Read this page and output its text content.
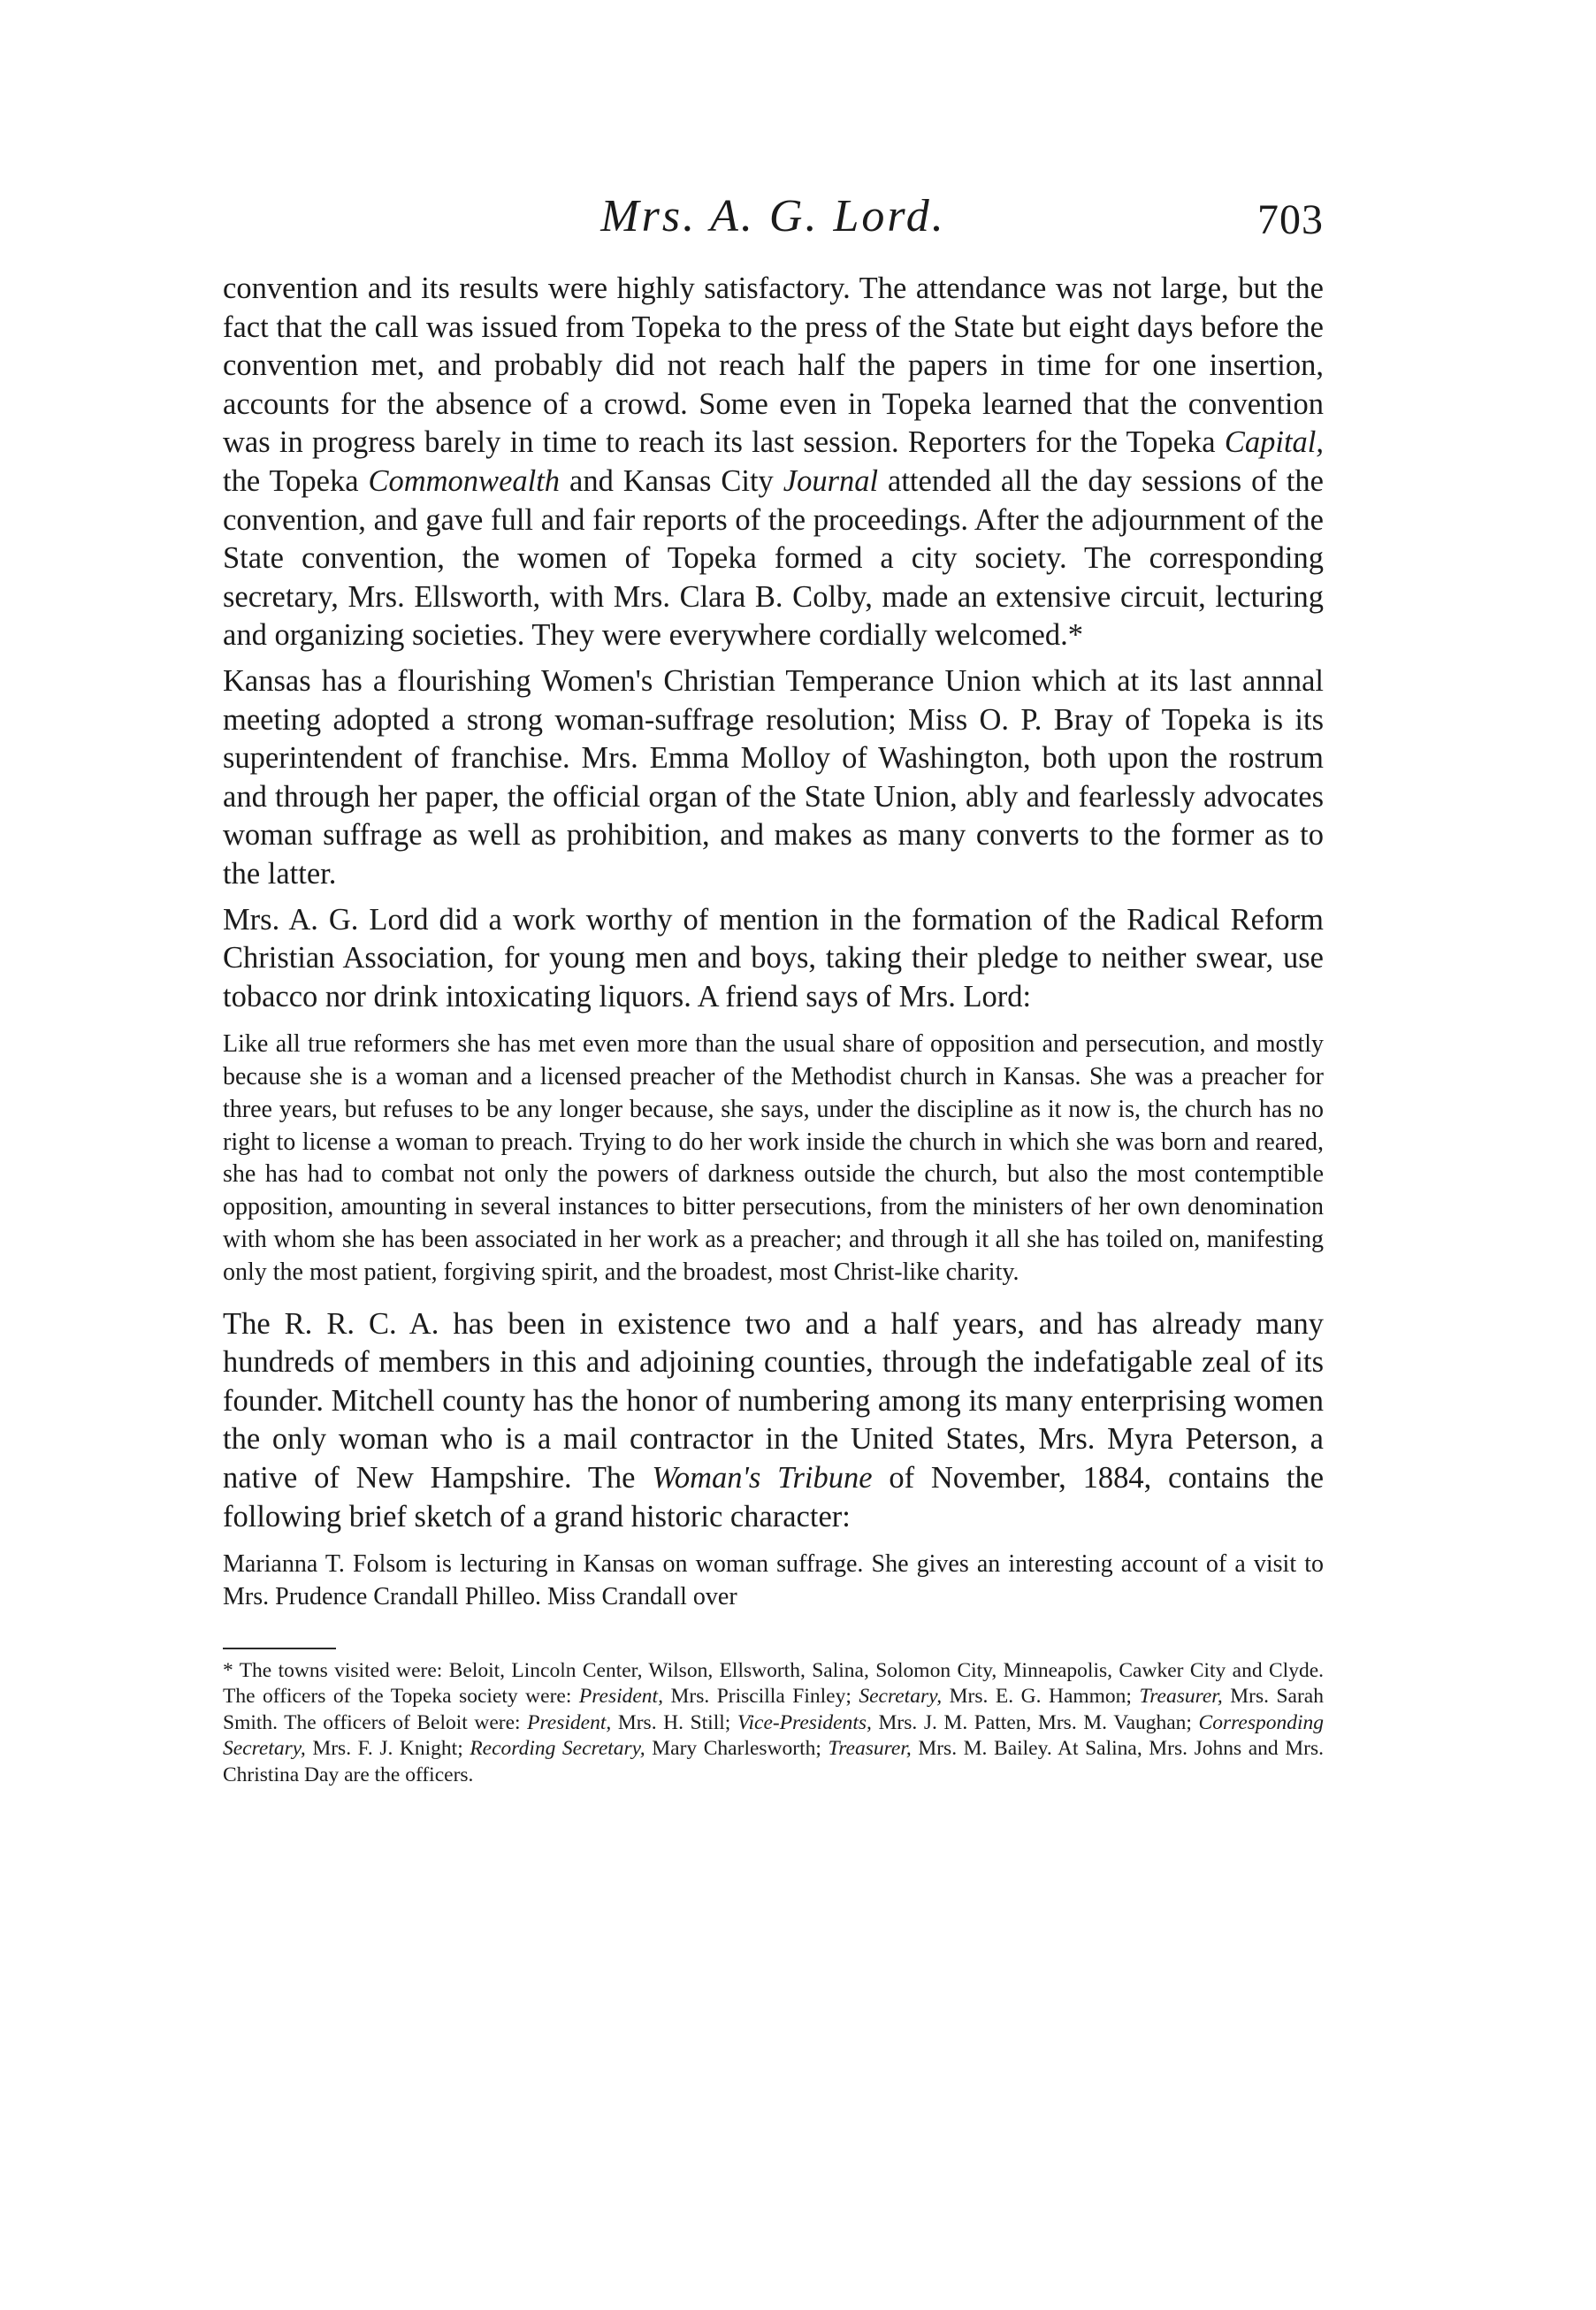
Mrs. A. G. Lord.	703

convention and its results were highly satisfactory. The attendance was not large, but the fact that the call was issued from Topeka to the press of the State but eight days before the convention met, and probably did not reach half the papers in time for one insertion, accounts for the absence of a crowd. Some even in Topeka learned that the convention was in progress barely in time to reach its last session. Reporters for the Topeka Capital, the Topeka Commonwealth and Kansas City Journal attended all the day sessions of the convention, and gave full and fair reports of the proceedings. After the adjournment of the State convention, the women of Topeka formed a city society. The corresponding secretary, Mrs. Ellsworth, with Mrs. Clara B. Colby, made an extensive circuit, lecturing and organizing societies. They were everywhere cordially welcomed.*

Kansas has a flourishing Women's Christian Temperance Union which at its last annnal meeting adopted a strong woman-suffrage resolution; Miss O. P. Bray of Topeka is its superintendent of franchise. Mrs. Emma Molloy of Washington, both upon the rostrum and through her paper, the official organ of the State Union, ably and fearlessly advocates woman suffrage as well as prohibition, and makes as many converts to the former as to the latter.

Mrs. A. G. Lord did a work worthy of mention in the formation of the Radical Reform Christian Association, for young men and boys, taking their pledge to neither swear, use tobacco nor drink intoxicating liquors. A friend says of Mrs. Lord:

Like all true reformers she has met even more than the usual share of opposition and persecution, and mostly because she is a woman and a licensed preacher of the Methodist church in Kansas. She was a preacher for three years, but refuses to be any longer because, she says, under the discipline as it now is, the church has no right to license a woman to preach. Trying to do her work inside the church in which she was born and reared, she has had to combat not only the powers of darkness outside the church, but also the most contemptible opposition, amounting in several instances to bitter persecutions, from the ministers of her own denomination with whom she has been associated in her work as a preacher; and through it all she has toiled on, manifesting only the most patient, forgiving spirit, and the broadest, most Christ-like charity.

The R. R. C. A. has been in existence two and a half years, and has already many hundreds of members in this and adjoining counties, through the indefatigable zeal of its founder. Mitchell county has the honor of numbering among its many enterprising women the only woman who is a mail contractor in the United States, Mrs. Myra Peterson, a native of New Hampshire. The Woman's Tribune of November, 1884, contains the following brief sketch of a grand historic character:

Marianna T. Folsom is lecturing in Kansas on woman suffrage. She gives an interesting account of a visit to Mrs. Prudence Crandall Philleo. Miss Crandall over

* The towns visited were: Beloit, Lincoln Center, Wilson, Ellsworth, Salina, Solomon City, Minneapolis, Cawker City and Clyde. The officers of the Topeka society were: President, Mrs. Priscilla Finley; Secretary, Mrs. E. G. Hammon; Treasurer, Mrs. Sarah Smith. The officers of Beloit were: President, Mrs. H. Still; Vice-Presidents, Mrs. J. M. Patten, Mrs. M. Vaughan; Corresponding Secretary, Mrs. F. J. Knight; Recording Secretary, Mary Charlesworth; Treasurer, Mrs. M. Bailey. At Salina, Mrs. Johns and Mrs. Christina Day are the officers.
